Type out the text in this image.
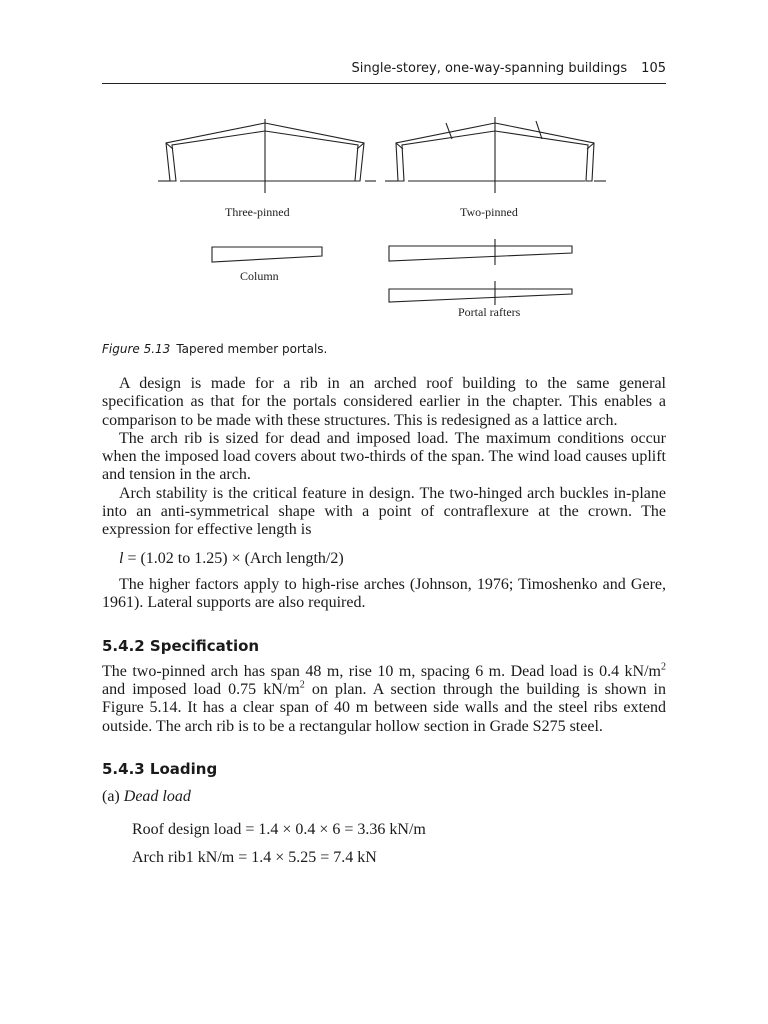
Single-storey, one-way-spanning buildings 105
Three-pinned	Two-pinned
Column
Portal rafters
Figure 5.13 Tapered member portals.

A design is made for a rib in an arched roof building to the same general specification as that for the portals considered earlier in the chapter. This enables a comparison to be made with these structures. This is redesigned as a lattice arch.

The arch rib is sized for dead and imposed load. The maximum conditions occur when the imposed load covers about two-thirds of the span. The wind load causes uplift and tension in the arch.

Arch stability is the critical feature in design. The two-hinged arch buckles in-plane into an anti-symmetrical shape with a point of contraflexure at the crown. The expression for effective length is

l = (1.02 to 1.25) × (Arch length/2)

The higher factors apply to high-rise arches (Johnson, 1976; Timoshenko and Gere, 1961). Lateral supports are also required.

5.4.2 Specification

The two-pinned arch has span 48 m, rise 10 m, spacing 6 m. Dead load is 0.4 $kN/m^2$ and imposed load 0.75 $kN/m^2$ on plan. A section through the building is shown in Figure 5.14. It has a clear span of 40 m between side walls and the steel ribs extend outside. The arch rib is to be a rectangular hollow section in Grade S275 steel.

5.4.3 Loading
(a) Dead load
Roof design load = 1.4 × 0.4 × 6 = 3.36 kN/m
Arch rib1 kN/m = 1.4 × 5.25 = 7.4 kN
